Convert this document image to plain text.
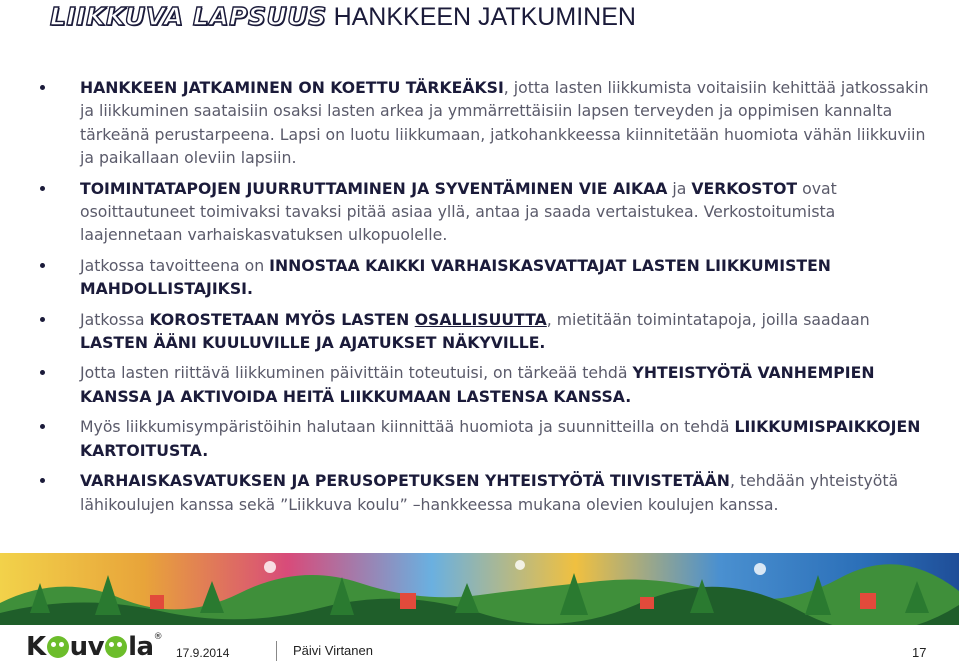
LIIKKUVA LAPSUUS HANKKEEN JATKUMINEN
HANKKEEN JATKAMINEN ON KOETTU TÄRKEÄKSI, jotta lasten liikkumista voitaisiin kehittää jatkossakin ja liikkuminen saataisiin osaksi lasten arkea ja ymmärrettäisiin lapsen terveyden ja oppimisen kannalta tärkeänä perustarpeena. Lapsi on luotu liikkumaan, jatkohankkeessa kiinnitetään huomiota vähän liikkuviin ja paikallaan oleviin lapsiin.
TOIMINTATAPOJEN JUURRUTTAMINEN JA SYVENTÄMINEN VIE AIKAA ja VERKOSTOT ovat osoittautuneet toimivaksi tavaksi pitää asiaa yllä, antaa ja saada vertaistukea. Verkostoitumista laajennetaan varhaiskasvatuksen ulkopuolelle.
Jatkossa tavoitteena on INNOSTAA KAIKKI VARHAISKASVATTAJAT LASTEN LIIKKUMISTEN MAHDOLLISTAJIKSI.
Jatkossa KOROSTETAAN MYÖS LASTEN OSALLISUUTTA, mietitään toimintatapoja, joilla saadaan LASTEN ÄÄNI KUULUVILLE JA AJATUKSET NÄKYVILLE.
Jotta lasten riittävä liikkuminen päivittäin toteutuisi, on tärkeää tehdä YHTEISTYÖTÄ VANHEMPIEN KANSSA JA AKTIVOIDA HEITÄ LIIKKUMAAN LASTENSA KANSSA.
Myös liikkumisympäristöihin halutaan kiinnittää huomiota ja suunnitteilla on tehdä LIIKKUMISPAIKKOJEN KARTOITUSTA.
VARHAISKASVATUKSEN JA PERUSOPETUKSEN YHTEISTYÖTÄ TIIVISTETÄÄN, tehdään yhteistyötä lähikoulujen kanssa sekä ”Liikkuva koulu” –hankkeessa mukana olevien koulujen kanssa.
K uv la®
17.9.2014	Päivi Virtanen	17
